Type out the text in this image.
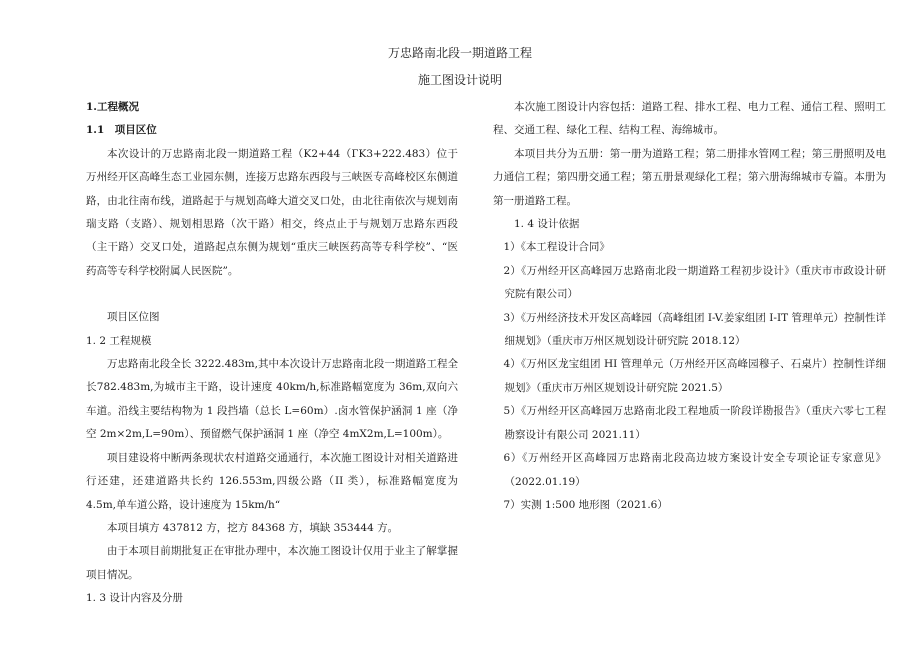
万忠路南北段一期道路工程
施工图设计说明

1.工程概况

1.1　项目区位

本次设计的万忠路南北段一期道路工程（K2+44（ГK3+222.483）位于万州经开区高峰生态工业园东侧，连接万忠路东西段与三峡医专高峰校区东侧道路，由北往南布线，道路起于与规划高峰大道交叉口处，由北往南依次与规划南瑞支路（支路）、规划相思路（次干路）相交，终点止于与规划万忠路东西段（主干路）交叉口处，道路起点东侧为规划“重庆三峡医药高等专科学校”、“医药高等专科学校附属人民医院”。

项目区位图

1. 2 工程规模

万忠路南北段全长 3222.483m,其中本次设计万忠路南北段一期道路工程全长782.483m,为城市主干路，设计速度 40km/h,标准路幅宽度为 36m,双向六车道。沿线主要结构物为 1 段挡墙（总长 L=60m）.卤水管保护涵洞 1 座（净空 2m×2m,L=90m）、预留燃气保护涵洞 1 座（净空 4mX2m,L=100m）。

项目建设将中断两条现状农村道路交通通行，本次施工图设计对相关道路进行还建，还建道路共长约 126.553m,四级公路（II 类），标准路幅宽度为 4.5m,单车道公路，设计速度为 15km/h“

本项目填方 437812 方，挖方 84368 方，填缺 353444 方。

由于本项目前期批复正在审批办理中，本次施工图设计仅用于业主了解掌握项目情况。

1. 3 设计内容及分册

本次施工图设计内容包括：道路工程、排水工程、电力工程、通信工程、照明工程、交通工程、绿化工程、结构工程、海绵城市。

本项目共分为五册：第一册为道路工程；第二册排水管网工程；第三册照明及电力通信工程；第四册交通工程；第五册景观绿化工程；第六册海绵城市专篇。本册为第一册道路工程。

1. 4 设计依据

1）《本工程设计合同》

2）《万州经开区高峰园万忠路南北段一期道路工程初步设计》（重庆市市政设计研究院有限公司）

3）《万州经济技术开发区高峰园（高峰组团 I-V.姜家组团 I-IT 管理单元）控制性详细规划》（重庆市万州区规划设计研究院 2018.12）

4）《万州区龙宝组团 HI 管理单元（万州经开区高峰园穆子、石桌片）控制性详细规划》（重庆市万州区规划设计研究院 2021.5）

5）《万州经开区高峰园万忠路南北段工程地质一阶段详勘报告》（重庆六零七工程勘察设计有限公司 2021.11）

6）《万州经开区高峰园万忠路南北段高边坡方案设计安全专项论证专家意见》（2022.01.19）

7）实测 1:500 地形图（2021.6）
